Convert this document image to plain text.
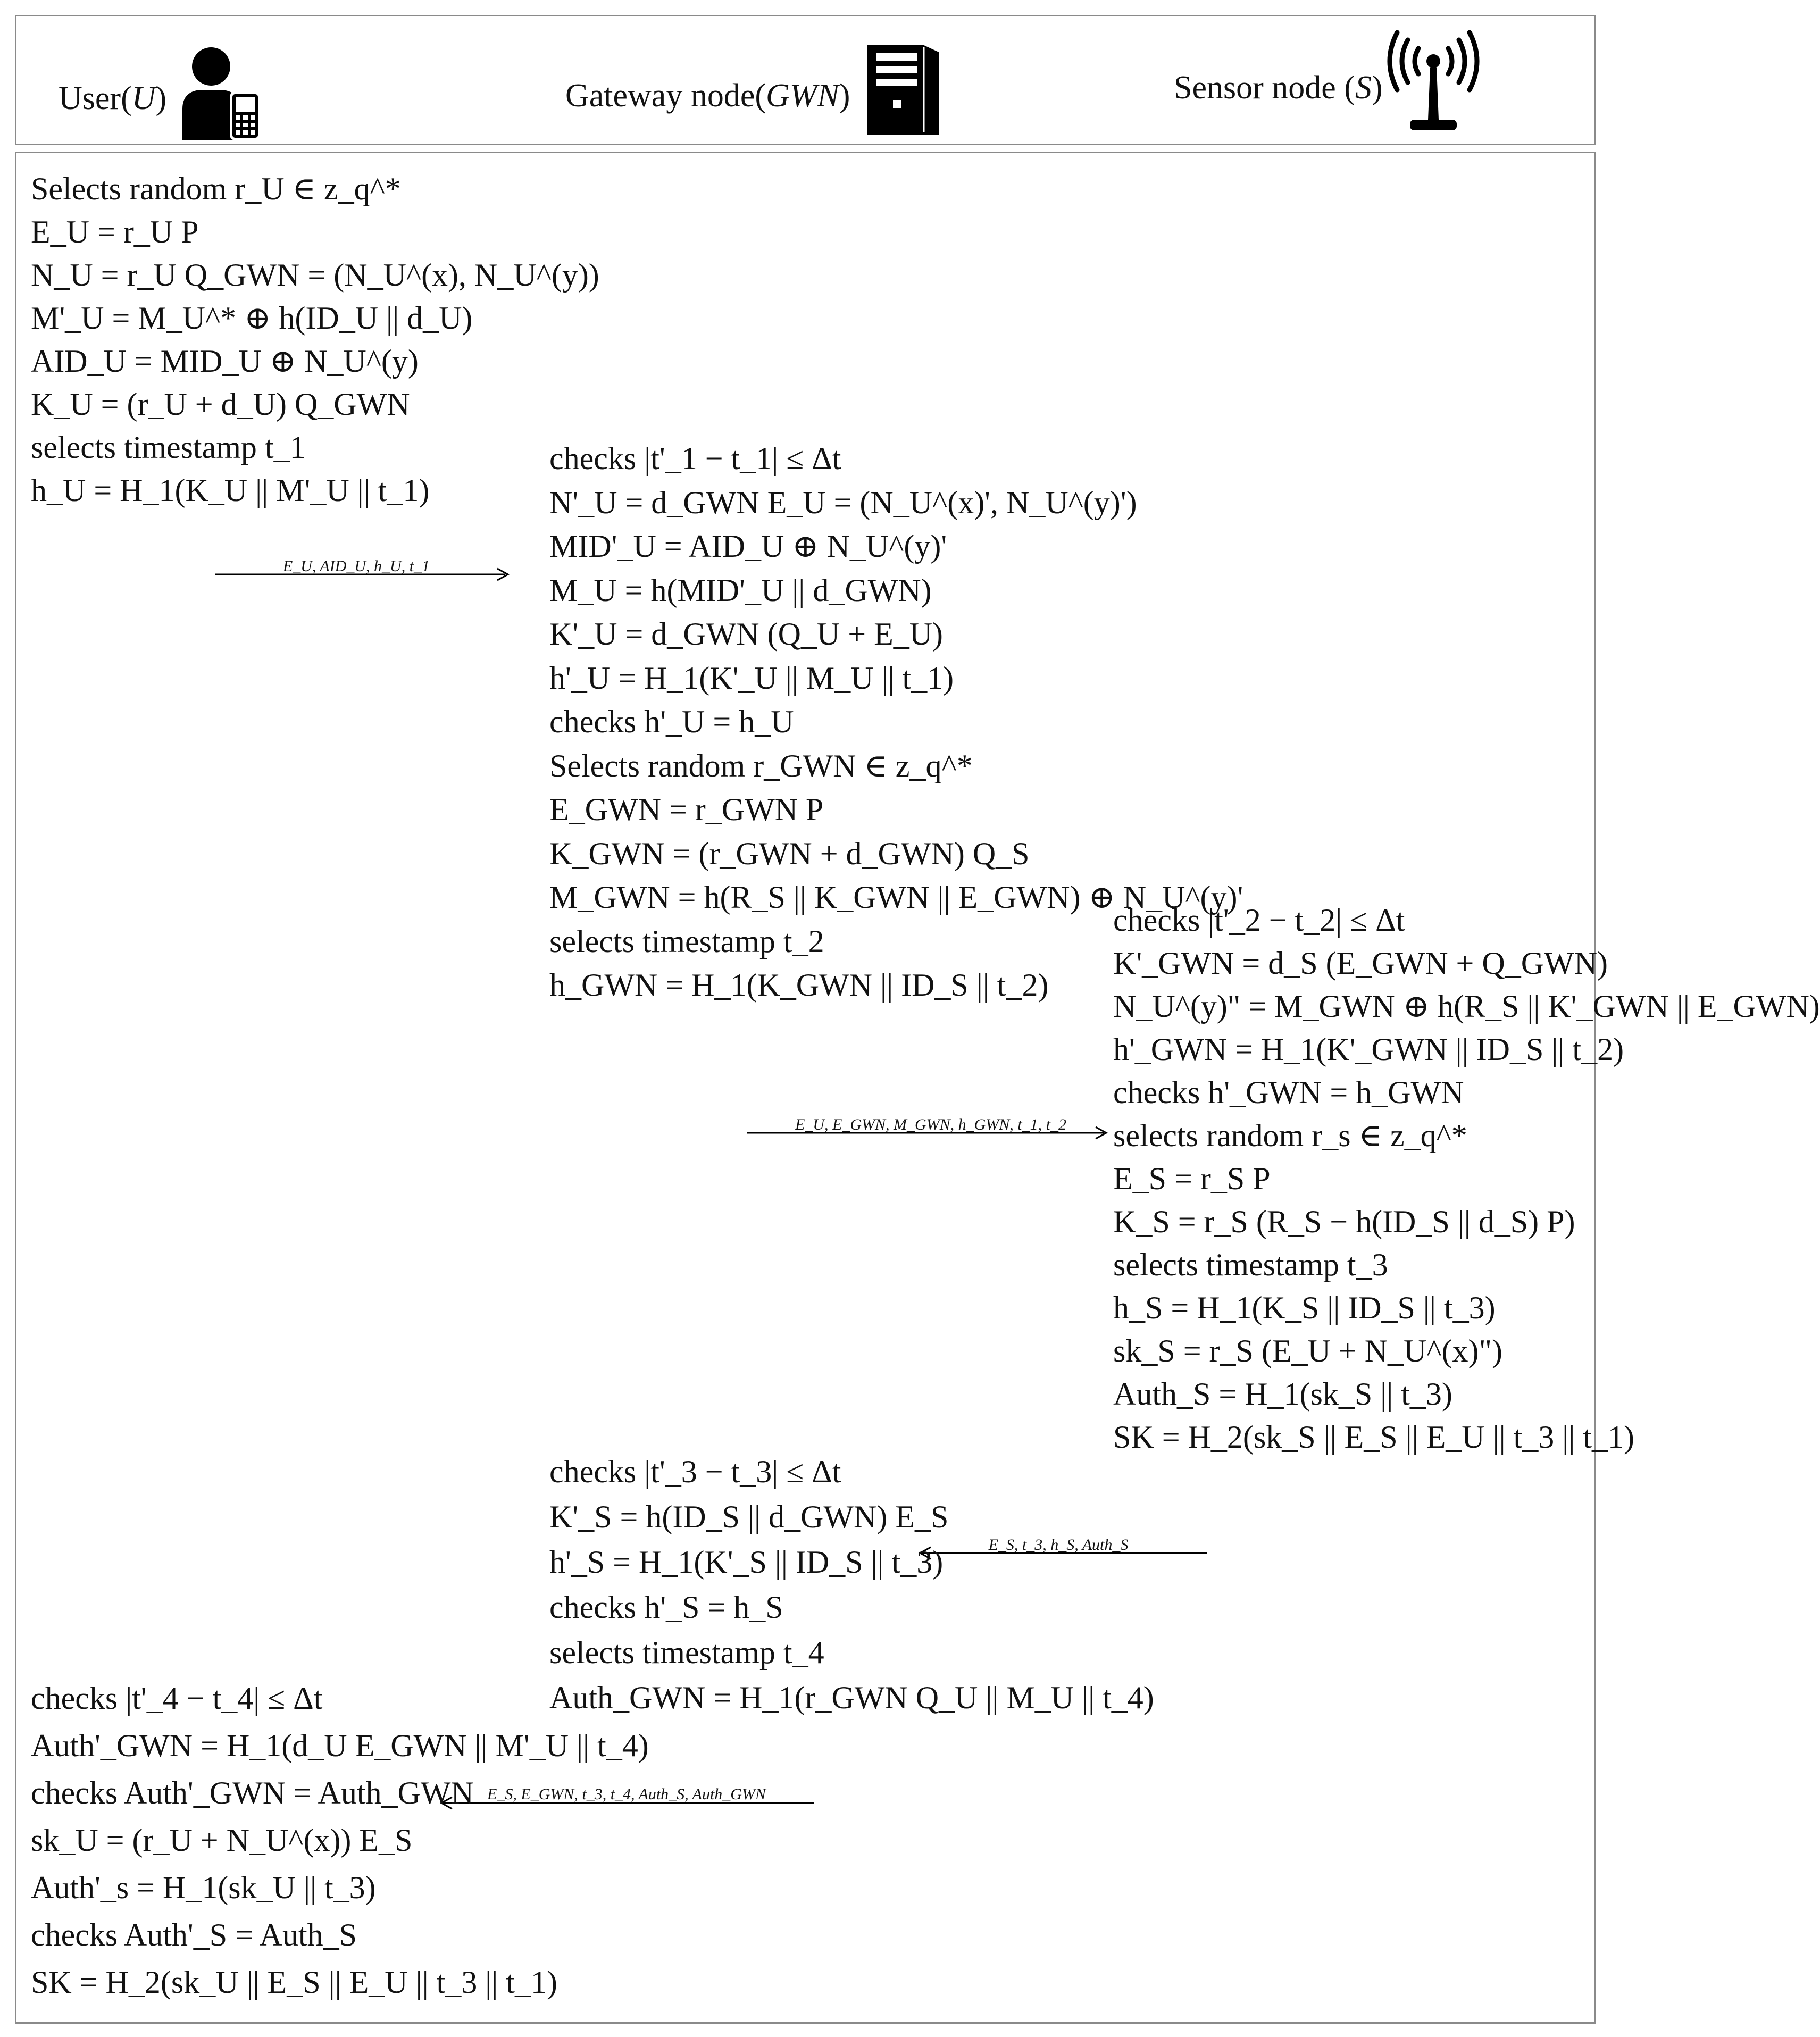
User(U)	Gateway node(GWN)	Sensor node (S)
E_U, AID_U, h_U, t_1
E_U, E_GWN, M_GWN, h_GWN, t_1, t_2
E_S, t_3, h_S, Auth_S
E_S, E_GWN, t_3, t_4, Auth_S, Auth_GWN
Selects random r_U ∈ z_q^*
E_U = r_U P
N_U = r_U Q_GWN = (N_U^(x), N_U^(y))
M'_U = M_U^* ⊕ h(ID_U || d_U)
AID_U = MID_U ⊕ N_U^(y)
K_U = (r_U + d_U) Q_GWN
selects timestamp t_1
h_U = H_1(K_U || M'_U || t_1)
checks |t'_1 − t_1| ≤ Δt
N'_U = d_GWN E_U = (N_U^(x)', N_U^(y)')
MID'_U = AID_U ⊕ N_U^(y)'
M_U = h(MID'_U || d_GWN)
K'_U = d_GWN (Q_U + E_U)
h'_U = H_1(K'_U || M_U || t_1)
checks h'_U = h_U
Selects random r_GWN ∈ z_q^*
E_GWN = r_GWN P
K_GWN = (r_GWN + d_GWN) Q_S
M_GWN = h(R_S || K_GWN || E_GWN) ⊕ N_U^(y)'
selects timestamp t_2
h_GWN = H_1(K_GWN || ID_S || t_2)
checks |t'_2 − t_2| ≤ Δt
K'_GWN = d_S (E_GWN + Q_GWN)
N_U^(y)" = M_GWN ⊕ h(R_S || K'_GWN || E_GWN)
h'_GWN = H_1(K'_GWN || ID_S || t_2)
checks h'_GWN = h_GWN
selects random r_s ∈ z_q^*
E_S = r_S P
K_S = r_S (R_S − h(ID_S || d_S) P)
selects timestamp t_3
h_S = H_1(K_S || ID_S || t_3)
sk_S = r_S (E_U + N_U^(x)")
Auth_S = H_1(sk_S || t_3)
SK = H_2(sk_S || E_S || E_U || t_3 || t_1)
checks |t'_3 − t_3| ≤ Δt
K'_S = h(ID_S || d_GWN) E_S
h'_S = H_1(K'_S || ID_S || t_3)
checks h'_S = h_S
selects timestamp t_4
Auth_GWN = H_1(r_GWN Q_U || M_U || t_4)
checks |t'_4 − t_4| ≤ Δt
Auth'_GWN = H_1(d_U E_GWN || M'_U || t_4)
checks Auth'_GWN = Auth_GWN
sk_U = (r_U + N_U^(x)) E_S
Auth'_s = H_1(sk_U || t_3)
checks Auth'_S = Auth_S
SK = H_2(sk_U || E_S || E_U || t_3 || t_1)
